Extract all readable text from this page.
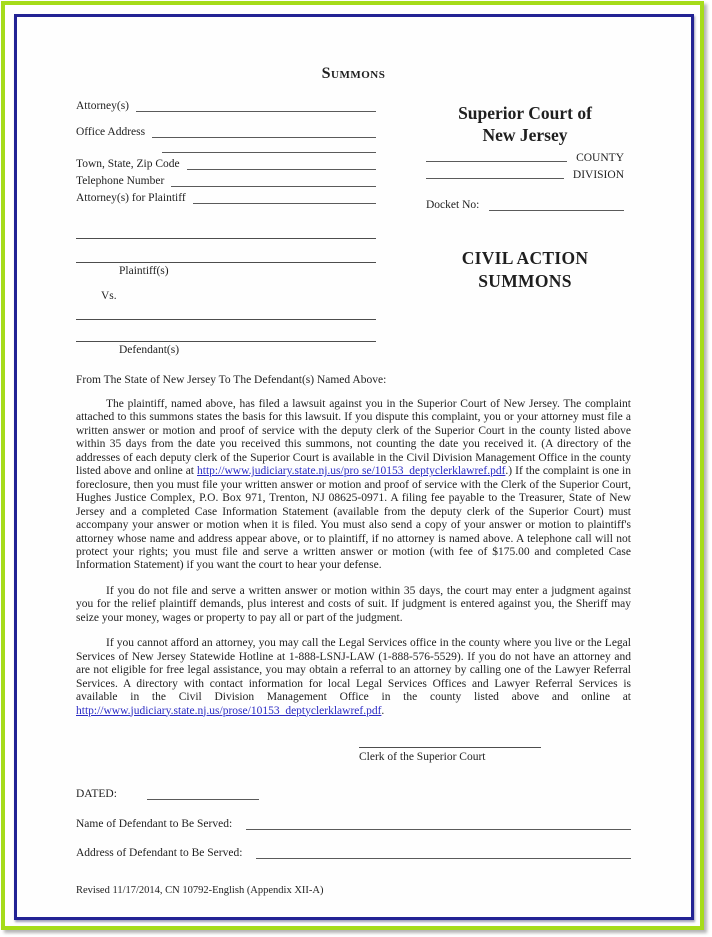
Summons
Attorney(s)
Office Address
Town, State, Zip Code
Telephone Number
Attorney(s) for Plaintiff
Plaintiff(s)
Vs.
Defendant(s)
Superior Court of
New Jersey
COUNTY
DIVISION
Docket No:
CIVIL ACTION
SUMMONS
From The State of New Jersey To The Defendant(s) Named Above:

The plaintiff, named above, has filed a lawsuit against you in the Superior Court of New Jersey. The complaint attached to this summons states the basis for this lawsuit. If you dispute this complaint, you or your attorney must file a written answer or motion and proof of service with the deputy clerk of the Superior Court in the county listed above within 35 days from the date you received this summons, not counting the date you received it. (A directory of the addresses of each deputy clerk of the Superior Court is available in the Civil Division Management Office in the county listed above and online at http://www.judiciary.state.nj.us/pro se/10153_deptyclerklawref.pdf.) If the complaint is one in foreclosure, then you must file your written answer or motion and proof of service with the Clerk of the Superior Court, Hughes Justice Complex, P.O. Box 971, Trenton, NJ 08625-0971. A filing fee payable to the Treasurer, State of New Jersey and a completed Case Information Statement (available from the deputy clerk of the Superior Court) must accompany your answer or motion when it is filed. You must also send a copy of your answer or motion to plaintiff's attorney whose name and address appear above, or to plaintiff, if no attorney is named above. A telephone call will not protect your rights; you must file and serve a written answer or motion (with fee of $175.00 and completed Case Information Statement) if you want the court to hear your defense.

If you do not file and serve a written answer or motion within 35 days, the court may enter a judgment against you for the relief plaintiff demands, plus interest and costs of suit. If judgment is entered against you, the Sheriff may seize your money, wages or property to pay all or part of the judgment.

If you cannot afford an attorney, you may call the Legal Services office in the county where you live or the Legal Services of New Jersey Statewide Hotline at 1-888-LSNJ-LAW (1-888-576-5529). If you do not have an attorney and are not eligible for free legal assistance, you may obtain a referral to an attorney by calling one of the Lawyer Referral Services. A directory with contact information for local Legal Services Offices and Lawyer Referral Services is available in the Civil Division Management Office in the county listed above and online at http://www.judiciary.state.nj.us/prose/10153_deptyclerklawref.pdf.

Clerk of the Superior Court
DATED:
Name of Defendant to Be Served:
Address of Defendant to Be Served:
Revised 11/17/2014, CN 10792-English (Appendix XII-A)
